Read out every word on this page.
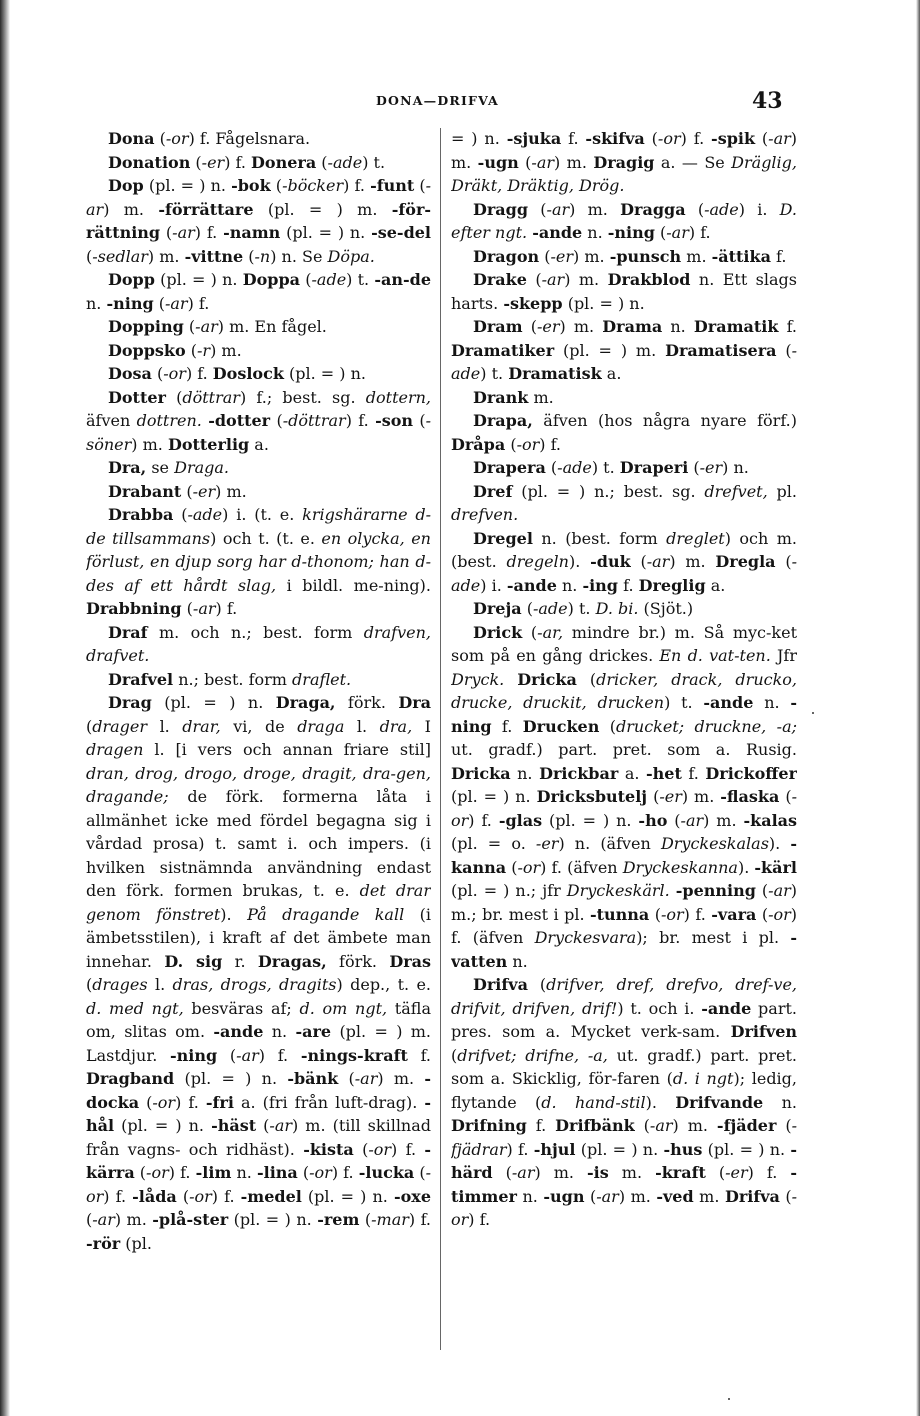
DONA—DRIFVA	43

Dona (-or) f. Fågelsnara.

Donation (-er) f. Donera (-ade) t.

Dop (pl. = ) n. -bok (-böcker) f. -funt (-ar) m. -förrättare (pl. = ) m. -för-rättning (-ar) f. -namn (pl. = ) n. -se-del (-sedlar) m. -vittne (-n) n. Se Döpa.

Dopp (pl. = ) n. Doppa (-ade) t. -an-de n. -ning (-ar) f.

Dopping (-ar) m. En fågel.

Doppsko (-r) m.

Dosa (-or) f. Doslock (pl. = ) n.

Dotter (döttrar) f.; best. sg. dottern, äfven dottren. -dotter (-döttrar) f. -son (-söner) m. Dotterlig a.

Dra, se Draga.

Drabant (-er) m.

Drabba (-ade) i. (t. e. krigshärarne d-de tillsammans) och t. (t. e. en olycka, en förlust, en djup sorg har d-thonom; han d-des af ett hårdt slag, i bildl. me-ning). Drabbning (-ar) f.

Draf m. och n.; best. form drafven, drafvet.

Drafvel n.; best. form draflet.

Drag (pl. = ) n. Draga, förk. Dra (drager l. drar, vi, de draga l. dra, I dragen l. [i vers och annan friare stil] dran, drog, drogo, droge, dragit, dra-gen, dragande; de förk. formerna låta i allmänhet icke med fördel begagna sig i vårdad prosa) t. samt i. och impers. (i hvilken sistnämnda användning endast den förk. formen brukas, t. e. det drar genom fönstret). På dragande kall (i ämbetsstilen), i kraft af det ämbete man innehar. D. sig r. Dragas, förk. Dras (drages l. dras, drogs, dragits) dep., t. e. d. med ngt, besväras af; d. om ngt, täfla om, slitas om. -ande n. -are (pl. = ) m. Lastdjur. -ning (-ar) f. -nings-kraft f. Dragband (pl. = ) n. -bänk (-ar) m. -docka (-or) f. -fri a. (fri från luft-drag). -hål (pl. = ) n. -häst (-ar) m. (till skillnad från vagns- och ridhäst). -kista (-or) f. -kärra (-or) f. -lim n. -lina (-or) f. -lucka (-or) f. -låda (-or) f. -medel (pl. = ) n. -oxe (-ar) m. -plå-ster (pl. = ) n. -rem (-mar) f. -rör (pl.

= ) n. -sjuka f. -skifva (-or) f. -spik (-ar) m. -ugn (-ar) m. Dragig a. — Se Dräglig, Dräkt, Dräktig, Drög.

Dragg (-ar) m. Dragga (-ade) i. D. efter ngt. -ande n. -ning (-ar) f.

Dragon (-er) m. -punsch m. -ättika f.

Drake (-ar) m. Drakblod n. Ett slags harts. -skepp (pl. = ) n.

Dram (-er) m. Drama n. Dramatik f. Dramatiker (pl. = ) m. Dramatisera (-ade) t. Dramatisk a.

Drank m.

Drapa, äfven (hos några nyare förf.) Dråpa (-or) f.

Drapera (-ade) t. Draperi (-er) n.

Dref (pl. = ) n.; best. sg. drefvet, pl. drefven.

Dregel n. (best. form dreglet) och m. (best. dregeln). -duk (-ar) m. Dregla (-ade) i. -ande n. -ing f. Dreglig a.

Dreja (-ade) t. D. bi. (Sjöt.)

Drick (-ar, mindre br.) m. Så myc-ket som på en gång drickes. En d. vat-ten. Jfr Dryck. Dricka (dricker, drack, drucko, drucke, druckit, drucken) t. -ande n. -ning f. Drucken (drucket; druckne, -a; ut. gradf.) part. pret. som a. Rusig. Dricka n. Drickbar a. -het f. Drickoffer (pl. = ) n. Dricksbutelj (-er) m. -flaska (-or) f. -glas (pl. = ) n. -ho (-ar) m. -kalas (pl. = o. -er) n. (äfven Dryckeskalas). -kanna (-or) f. (äfven Dryckeskanna). -kärl (pl. = ) n.; jfr Dryckeskärl. -penning (-ar) m.; br. mest i pl. -tunna (-or) f. -vara (-or) f. (äfven Dryckesvara); br. mest i pl. -vatten n.

Drifva (drifver, dref, drefvo, dref-ve, drifvit, drifven, drif!) t. och i. -ande part. pres. som a. Mycket verk-sam. Drifven (drifvet; drifne, -a, ut. gradf.) part. pret. som a. Skicklig, för-faren (d. i ngt); ledig, flytande (d. hand-stil). Drifvande n. Drifning f. Drifbänk (-ar) m. -fjäder (-fjädrar) f. -hjul (pl. = ) n. -hus (pl. = ) n. -härd (-ar) m. -is m. -kraft (-er) f. -timmer n. -ugn (-ar) m. -ved m. Drifva (-or) f.
